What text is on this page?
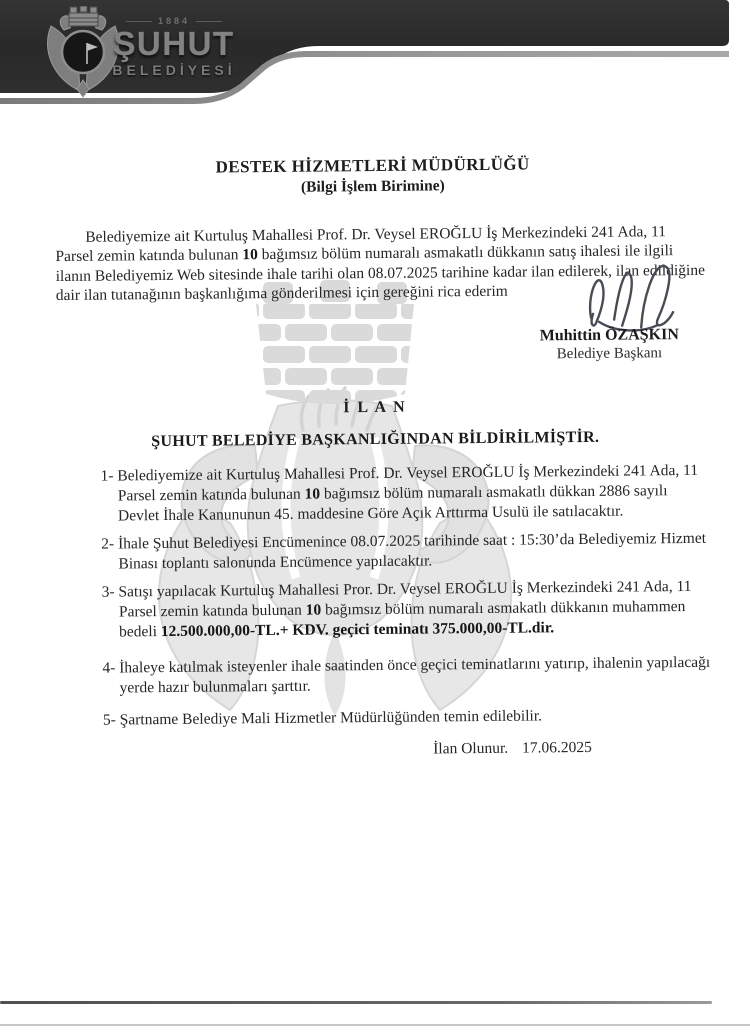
1884
ŞUHUT
BELEDİYESİ
DESTEK HİZMETLERİ MÜDÜRLÜĞÜ
(Bilgi İşlem Birimine)

Belediyemize ait Kurtuluş Mahallesi Prof. Dr. Veysel EROĞLU İş Merkezindeki 241 Ada, 11 Parsel zemin katında bulunan 10 bağımsız bölüm numaralı asmakatlı dükkanın satış ihalesi ile ilgili ilanın Belediyemiz Web sitesinde ihale tarihi olan 08.07.2025 tarihine kadar ilan edilerek, ilan edildiğine dair ilan tutanağının başkanlığıma gönderilmesi için gereğini rica ederim

Muhittin ÖZAŞKIN
Belediye Başkanı
İ L A N
ŞUHUT BELEDİYE BAŞKANLIĞINDAN BİLDİRİLMİŞTİR.
1- Belediyemize ait Kurtuluş Mahallesi Prof. Dr. Veysel EROĞLU İş Merkezindeki 241 Ada, 11 Parsel zemin katında bulunan 10 bağımsız bölüm numaralı asmakatlı dükkan 2886 sayılı Devlet İhale Kanununun 45. maddesine Göre Açık Arttırma Usulü ile satılacaktır.
2- İhale Şuhut Belediyesi Encümenince 08.07.2025 tarihinde saat : 15:30’da Belediyemiz Hizmet Binası toplantı salonunda Encümence yapılacaktır.
3- Satışı yapılacak Kurtuluş Mahallesi Pror. Dr. Veysel EROĞLU İş Merkezindeki 241 Ada, 11 Parsel zemin katında bulunan 10 bağımsız bölüm numaralı asmakatlı dükkanın muhammen bedeli 12.500.000,00-TL.+ KDV. geçici teminatı 375.000,00-TL.dir.
4- İhaleye katılmak isteyenler ihale saatinden önce geçici teminatlarını yatırıp, ihalenin yapılacağı yerde hazır bulunmaları şarttır.
5- Şartname Belediye Mali Hizmetler Müdürlüğünden temin edilebilir.
İlan Olunur. 17.06.2025
